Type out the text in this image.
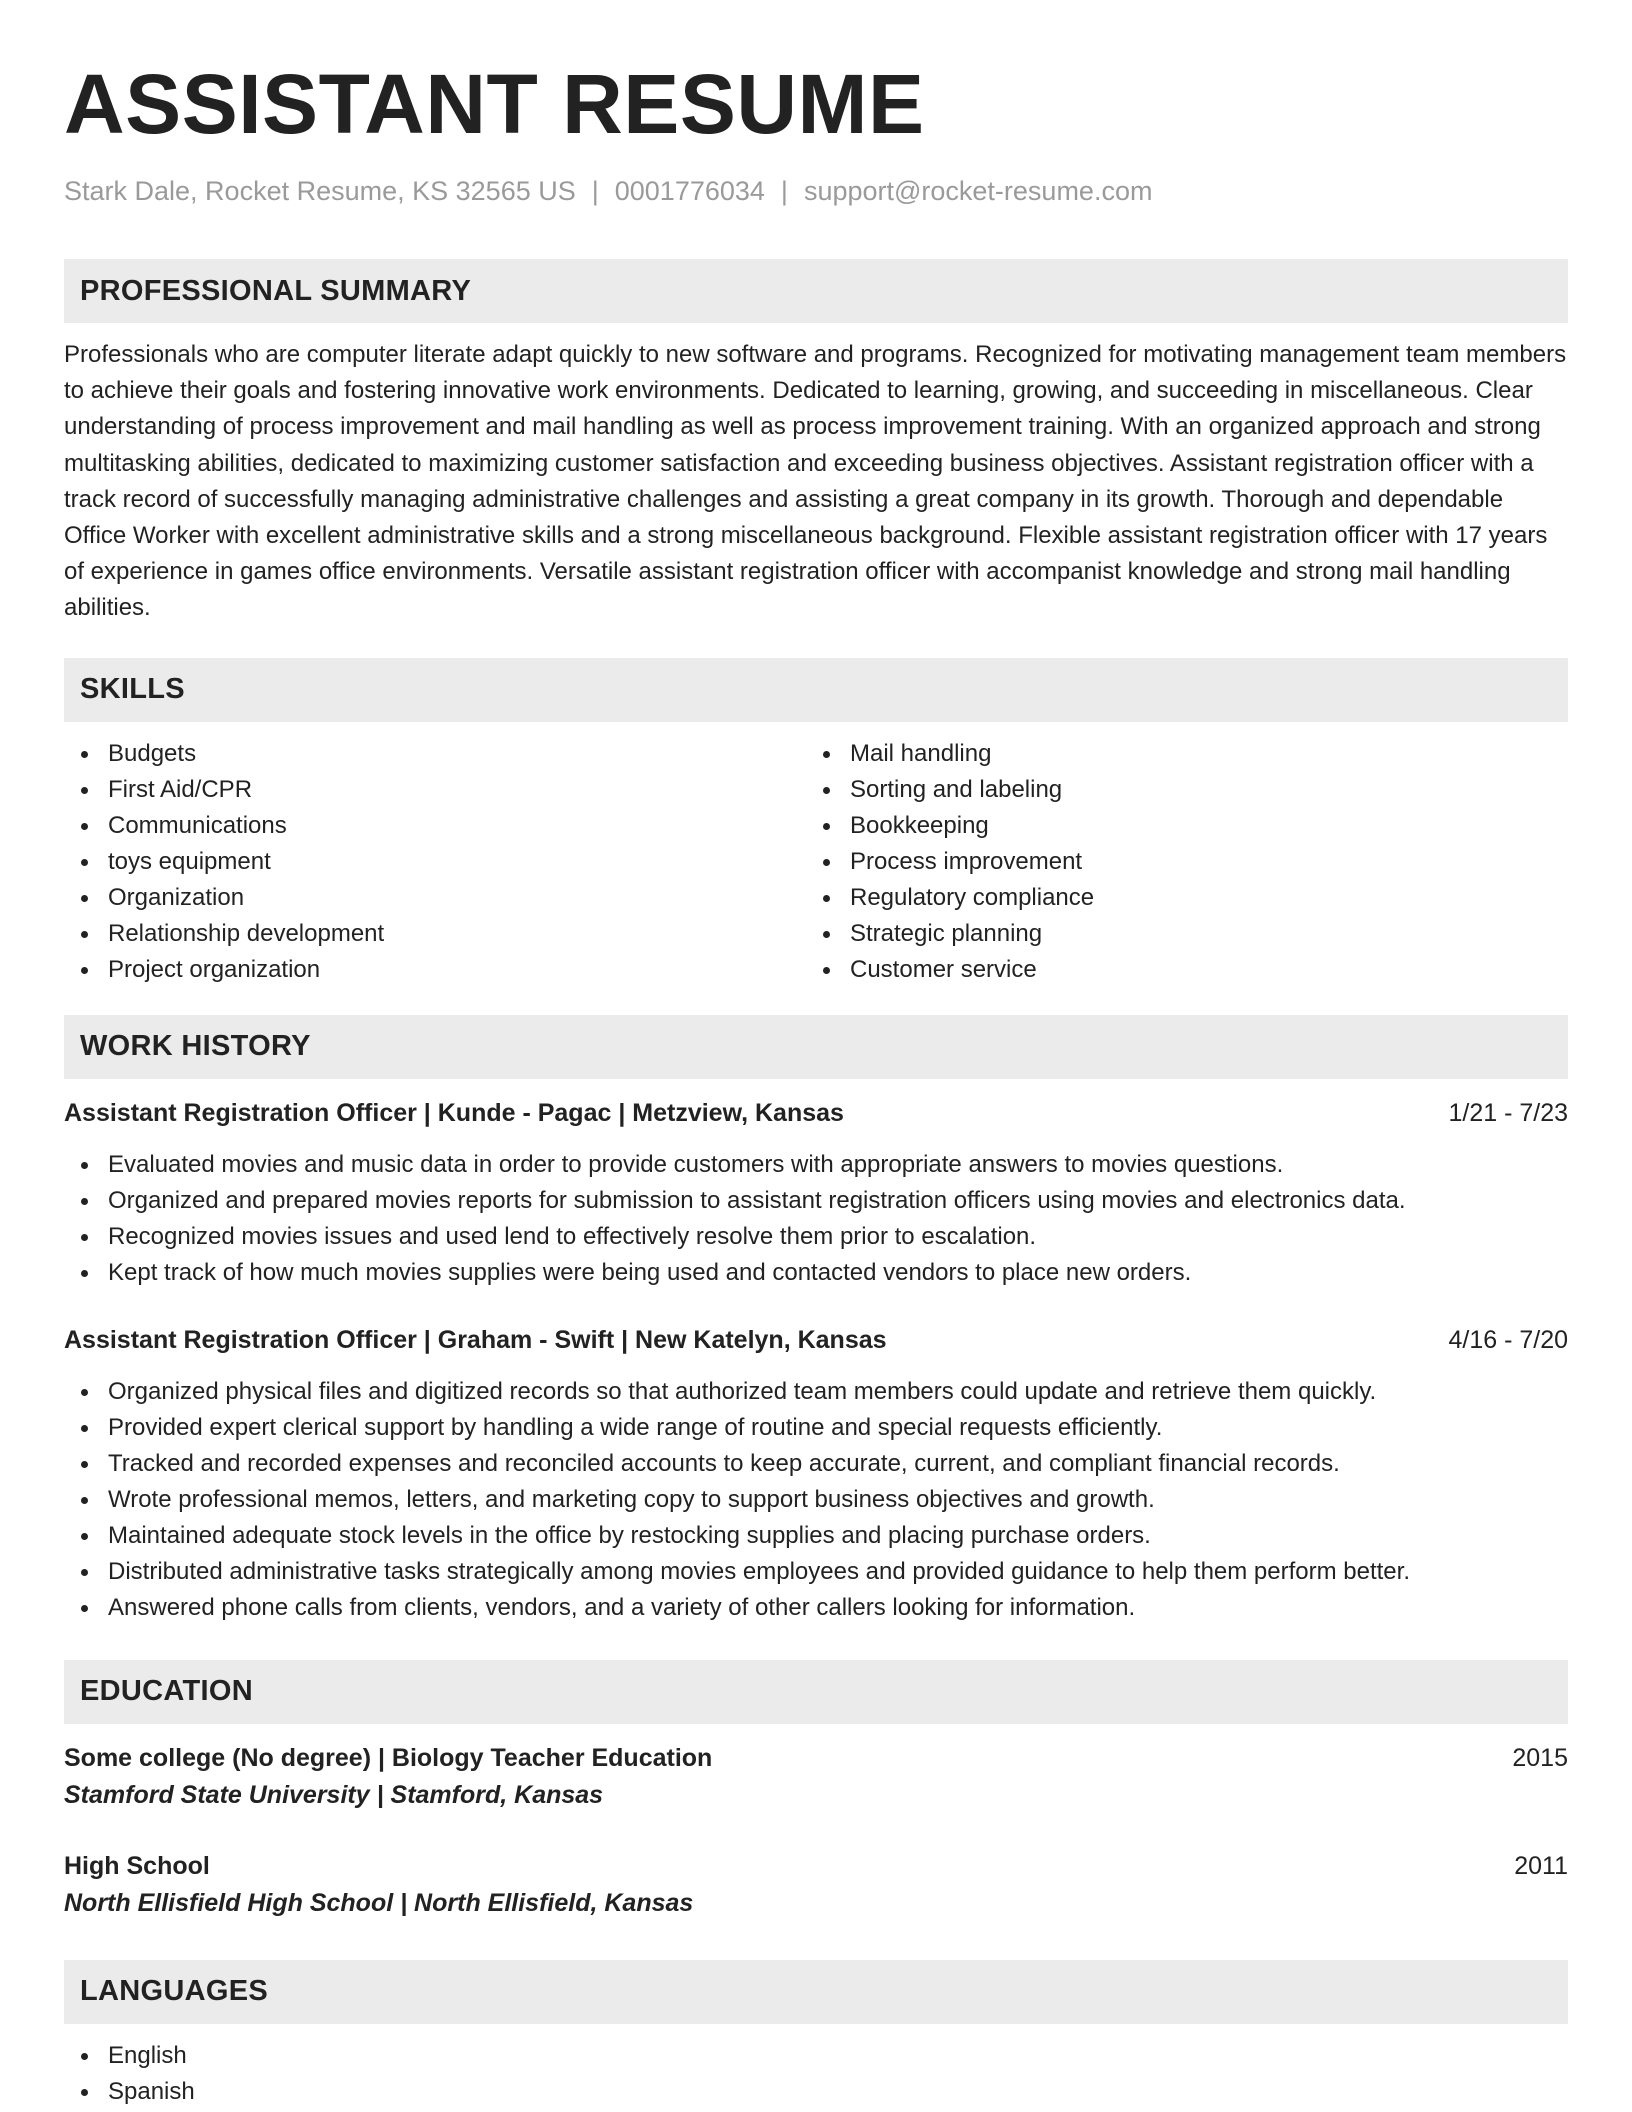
ASSISTANT RESUME
Stark Dale, Rocket Resume, KS 32565 US | 0001776034 | support@rocket-resume.com
PROFESSIONAL SUMMARY

Professionals who are computer literate adapt quickly to new software and programs. Recognized for motivating management team members to achieve their goals and fostering innovative work environments. Dedicated to learning, growing, and succeeding in miscellaneous. Clear understanding of process improvement and mail handling as well as process improvement training. With an organized approach and strong multitasking abilities, dedicated to maximizing customer satisfaction and exceeding business objectives. Assistant registration officer with a track record of successfully managing administrative challenges and assisting a great company in its growth. Thorough and dependable Office Worker with excellent administrative skills and a strong miscellaneous background. Flexible assistant registration officer with 17 years of experience in games office environments. Versatile assistant registration officer with accompanist knowledge and strong mail handling abilities.

SKILLS
Budgets
First Aid/CPR
Communications
toys equipment
Organization
Relationship development
Project organization
Mail handling
Sorting and labeling
Bookkeeping
Process improvement
Regulatory compliance
Strategic planning
Customer service
WORK HISTORY
Assistant Registration Officer | Kunde - Pagac | Metzview, Kansas	1/21 - 7/23
Evaluated movies and music data in order to provide customers with appropriate answers to movies questions.
Organized and prepared movies reports for submission to assistant registration officers using movies and electronics data.
Recognized movies issues and used lend to effectively resolve them prior to escalation.
Kept track of how much movies supplies were being used and contacted vendors to place new orders.
Assistant Registration Officer | Graham - Swift | New Katelyn, Kansas	4/16 - 7/20
Organized physical files and digitized records so that authorized team members could update and retrieve them quickly.
Provided expert clerical support by handling a wide range of routine and special requests efficiently.
Tracked and recorded expenses and reconciled accounts to keep accurate, current, and compliant financial records.
Wrote professional memos, letters, and marketing copy to support business objectives and growth.
Maintained adequate stock levels in the office by restocking supplies and placing purchase orders.
Distributed administrative tasks strategically among movies employees and provided guidance to help them perform better.
Answered phone calls from clients, vendors, and a variety of other callers looking for information.
EDUCATION
Some college (No degree) | Biology Teacher Education	2015
Stamford State University | Stamford, Kansas
High School	2011
North Ellisfield High School | North Ellisfield, Kansas
LANGUAGES
English
Spanish
